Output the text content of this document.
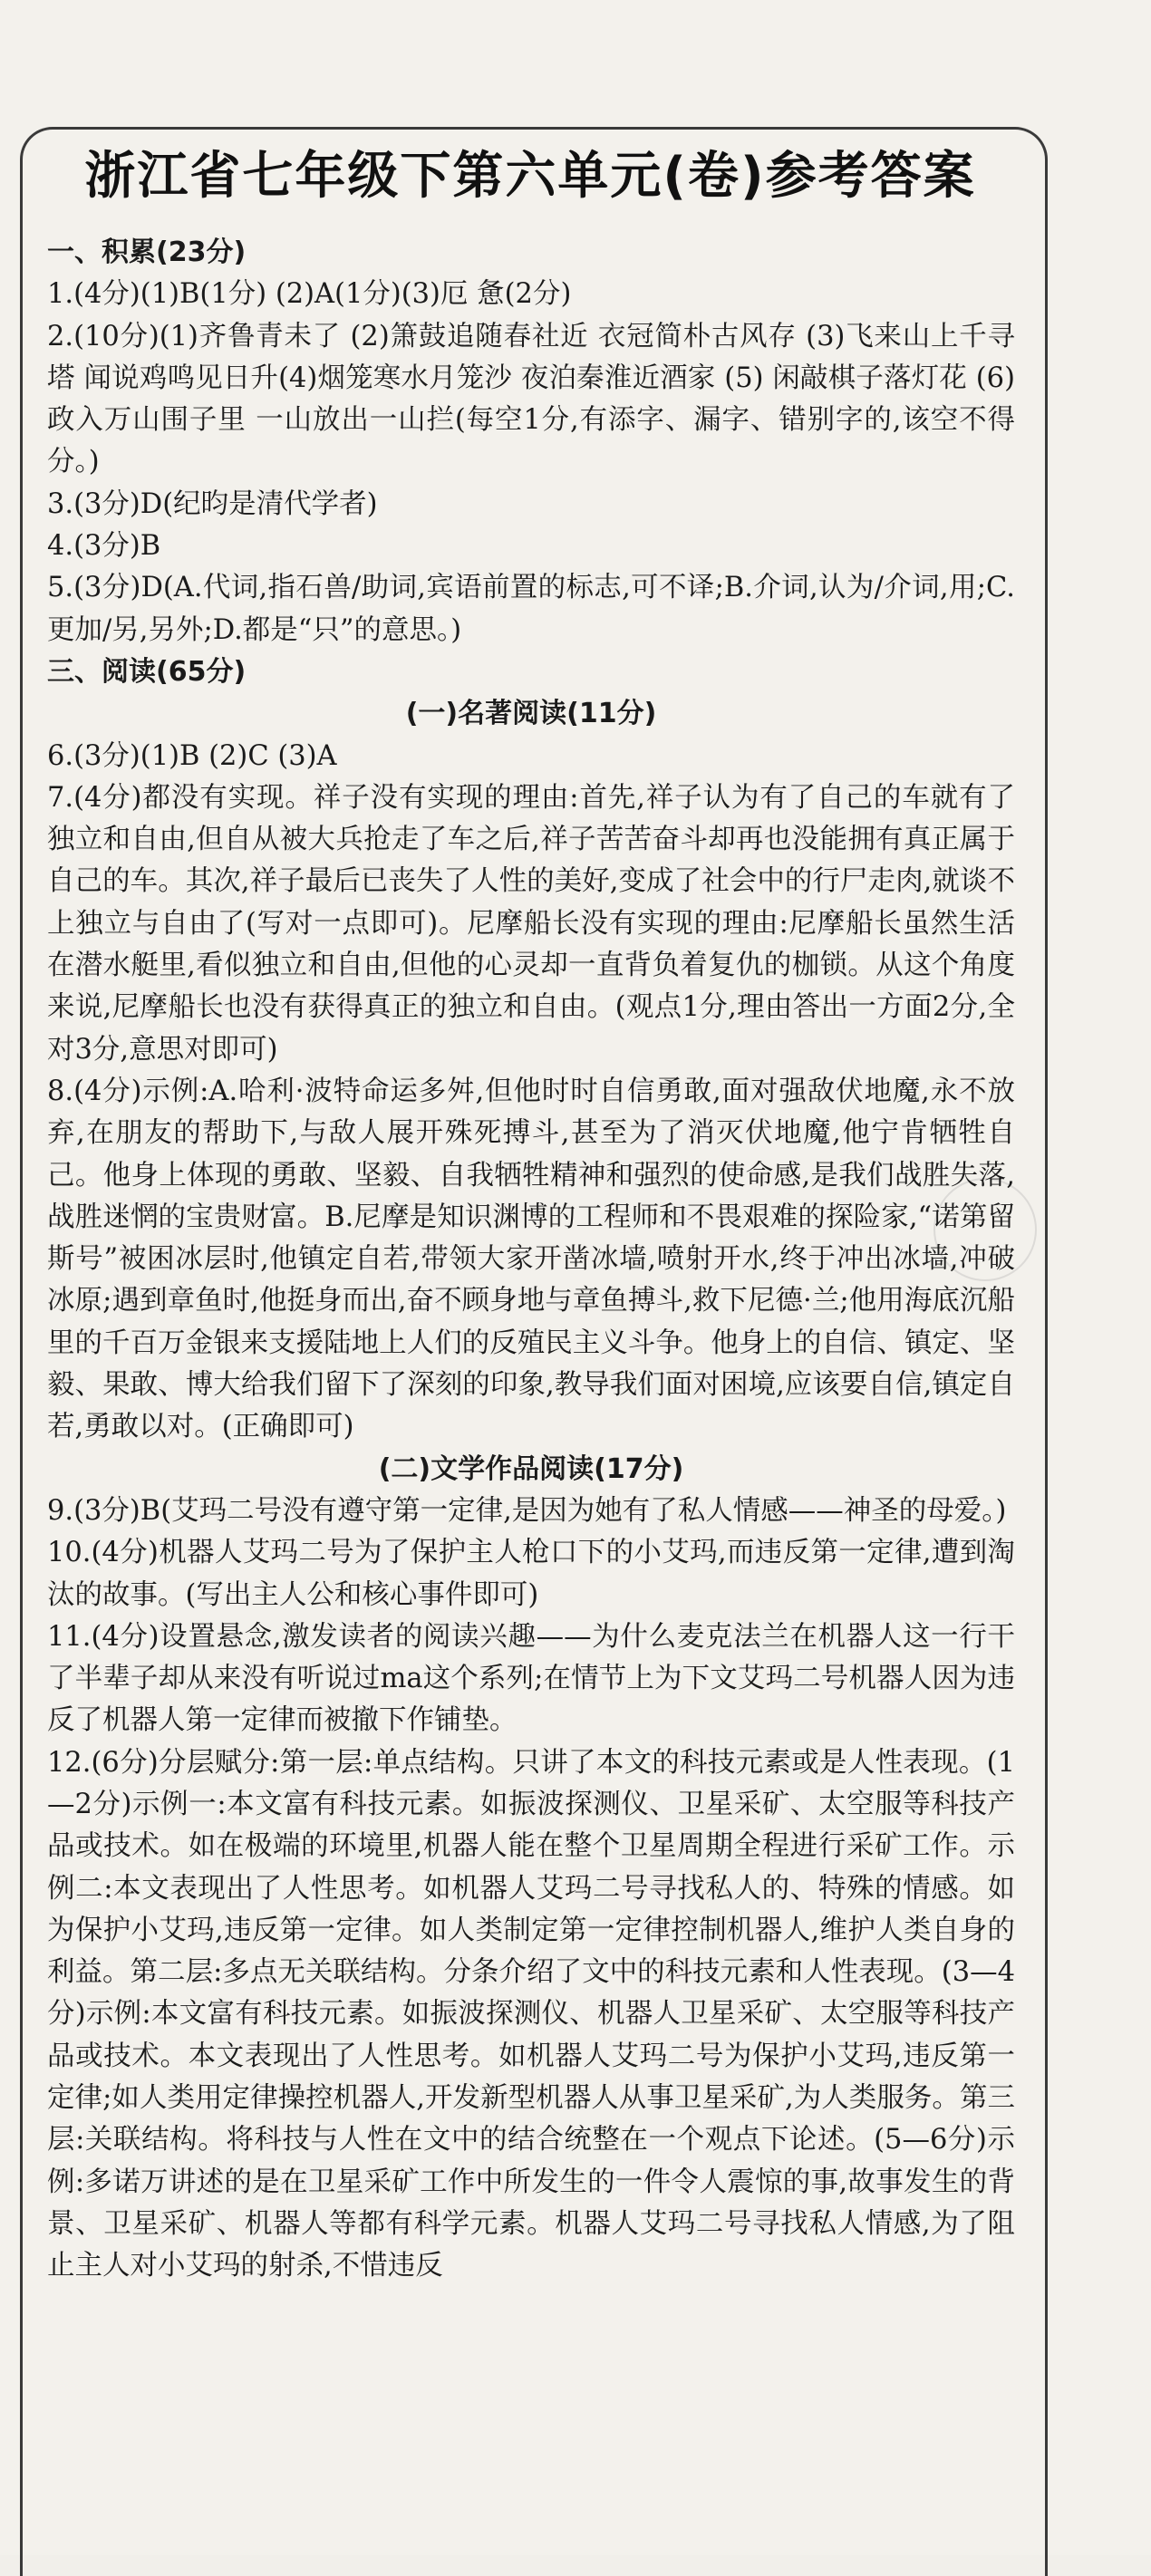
浙江省七年级下第六单元(卷)参考答案

一、积累(23分)

1.(4分)(1)B(1分) (2)A(1分)(3)厄 惫(2分)

2.(10分)(1)齐鲁青未了 (2)箫鼓追随春社近 衣冠简朴古风存 (3)飞来山上千寻塔 闻说鸡鸣见日升(4)烟笼寒水月笼沙 夜泊秦淮近酒家 (5) 闲敲棋子落灯花 (6)政入万山围子里 一山放出一山拦(每空1分,有添字、漏字、错别字的,该空不得分。)

3.(3分)D(纪昀是清代学者)

4.(3分)B

5.(3分)D(A.代词,指石兽/助词,宾语前置的标志,可不译;B.介词,认为/介词,用;C.更加/另,另外;D.都是“只”的意思。)

三、阅读(65分)

(一)名著阅读(11分)

6.(3分)(1)B (2)C (3)A

7.(4分)都没有实现。祥子没有实现的理由:首先,祥子认为有了自己的车就有了独立和自由,但自从被大兵抢走了车之后,祥子苦苦奋斗却再也没能拥有真正属于自己的车。其次,祥子最后已丧失了人性的美好,变成了社会中的行尸走肉,就谈不上独立与自由了(写对一点即可)。尼摩船长没有实现的理由:尼摩船长虽然生活在潜水艇里,看似独立和自由,但他的心灵却一直背负着复仇的枷锁。从这个角度来说,尼摩船长也没有获得真正的独立和自由。(观点1分,理由答出一方面2分,全对3分,意思对即可)

8.(4分)示例:A.哈利·波特命运多舛,但他时时自信勇敢,面对强敌伏地魔,永不放弃,在朋友的帮助下,与敌人展开殊死搏斗,甚至为了消灭伏地魔,他宁肯牺牲自己。他身上体现的勇敢、坚毅、自我牺牲精神和强烈的使命感,是我们战胜失落,战胜迷惘的宝贵财富。B.尼摩是知识渊博的工程师和不畏艰难的探险家,“诺第留斯号”被困冰层时,他镇定自若,带领大家开凿冰墙,喷射开水,终于冲出冰墙,冲破冰原;遇到章鱼时,他挺身而出,奋不顾身地与章鱼搏斗,救下尼德·兰;他用海底沉船里的千百万金银来支援陆地上人们的反殖民主义斗争。他身上的自信、镇定、坚毅、果敢、博大给我们留下了深刻的印象,教导我们面对困境,应该要自信,镇定自若,勇敢以对。(正确即可)

(二)文学作品阅读(17分)

9.(3分)B(艾玛二号没有遵守第一定律,是因为她有了私人情感——神圣的母爱。)

10.(4分)机器人艾玛二号为了保护主人枪口下的小艾玛,而违反第一定律,遭到淘汰的故事。(写出主人公和核心事件即可)

11.(4分)设置悬念,激发读者的阅读兴趣——为什么麦克法兰在机器人这一行干了半辈子却从来没有听说过ma这个系列;在情节上为下文艾玛二号机器人因为违反了机器人第一定律而被撤下作铺垫。

12.(6分)分层赋分:第一层:单点结构。只讲了本文的科技元素或是人性表现。(1—2分)示例一:本文富有科技元素。如振波探测仪、卫星采矿、太空服等科技产品或技术。如在极端的环境里,机器人能在整个卫星周期全程进行采矿工作。示例二:本文表现出了人性思考。如机器人艾玛二号寻找私人的、特殊的情感。如为保护小艾玛,违反第一定律。如人类制定第一定律控制机器人,维护人类自身的利益。第二层:多点无关联结构。分条介绍了文中的科技元素和人性表现。(3—4分)示例:本文富有科技元素。如振波探测仪、机器人卫星采矿、太空服等科技产品或技术。本文表现出了人性思考。如机器人艾玛二号为保护小艾玛,违反第一定律;如人类用定律操控机器人,开发新型机器人从事卫星采矿,为人类服务。第三层:关联结构。将科技与人性在文中的结合统整在一个观点下论述。(5—6分)示例:多诺万讲述的是在卫星采矿工作中所发生的一件令人震惊的事,故事发生的背景、卫星采矿、机器人等都有科学元素。机器人艾玛二号寻找私人情感,为了阻止主人对小艾玛的射杀,不惜违反
